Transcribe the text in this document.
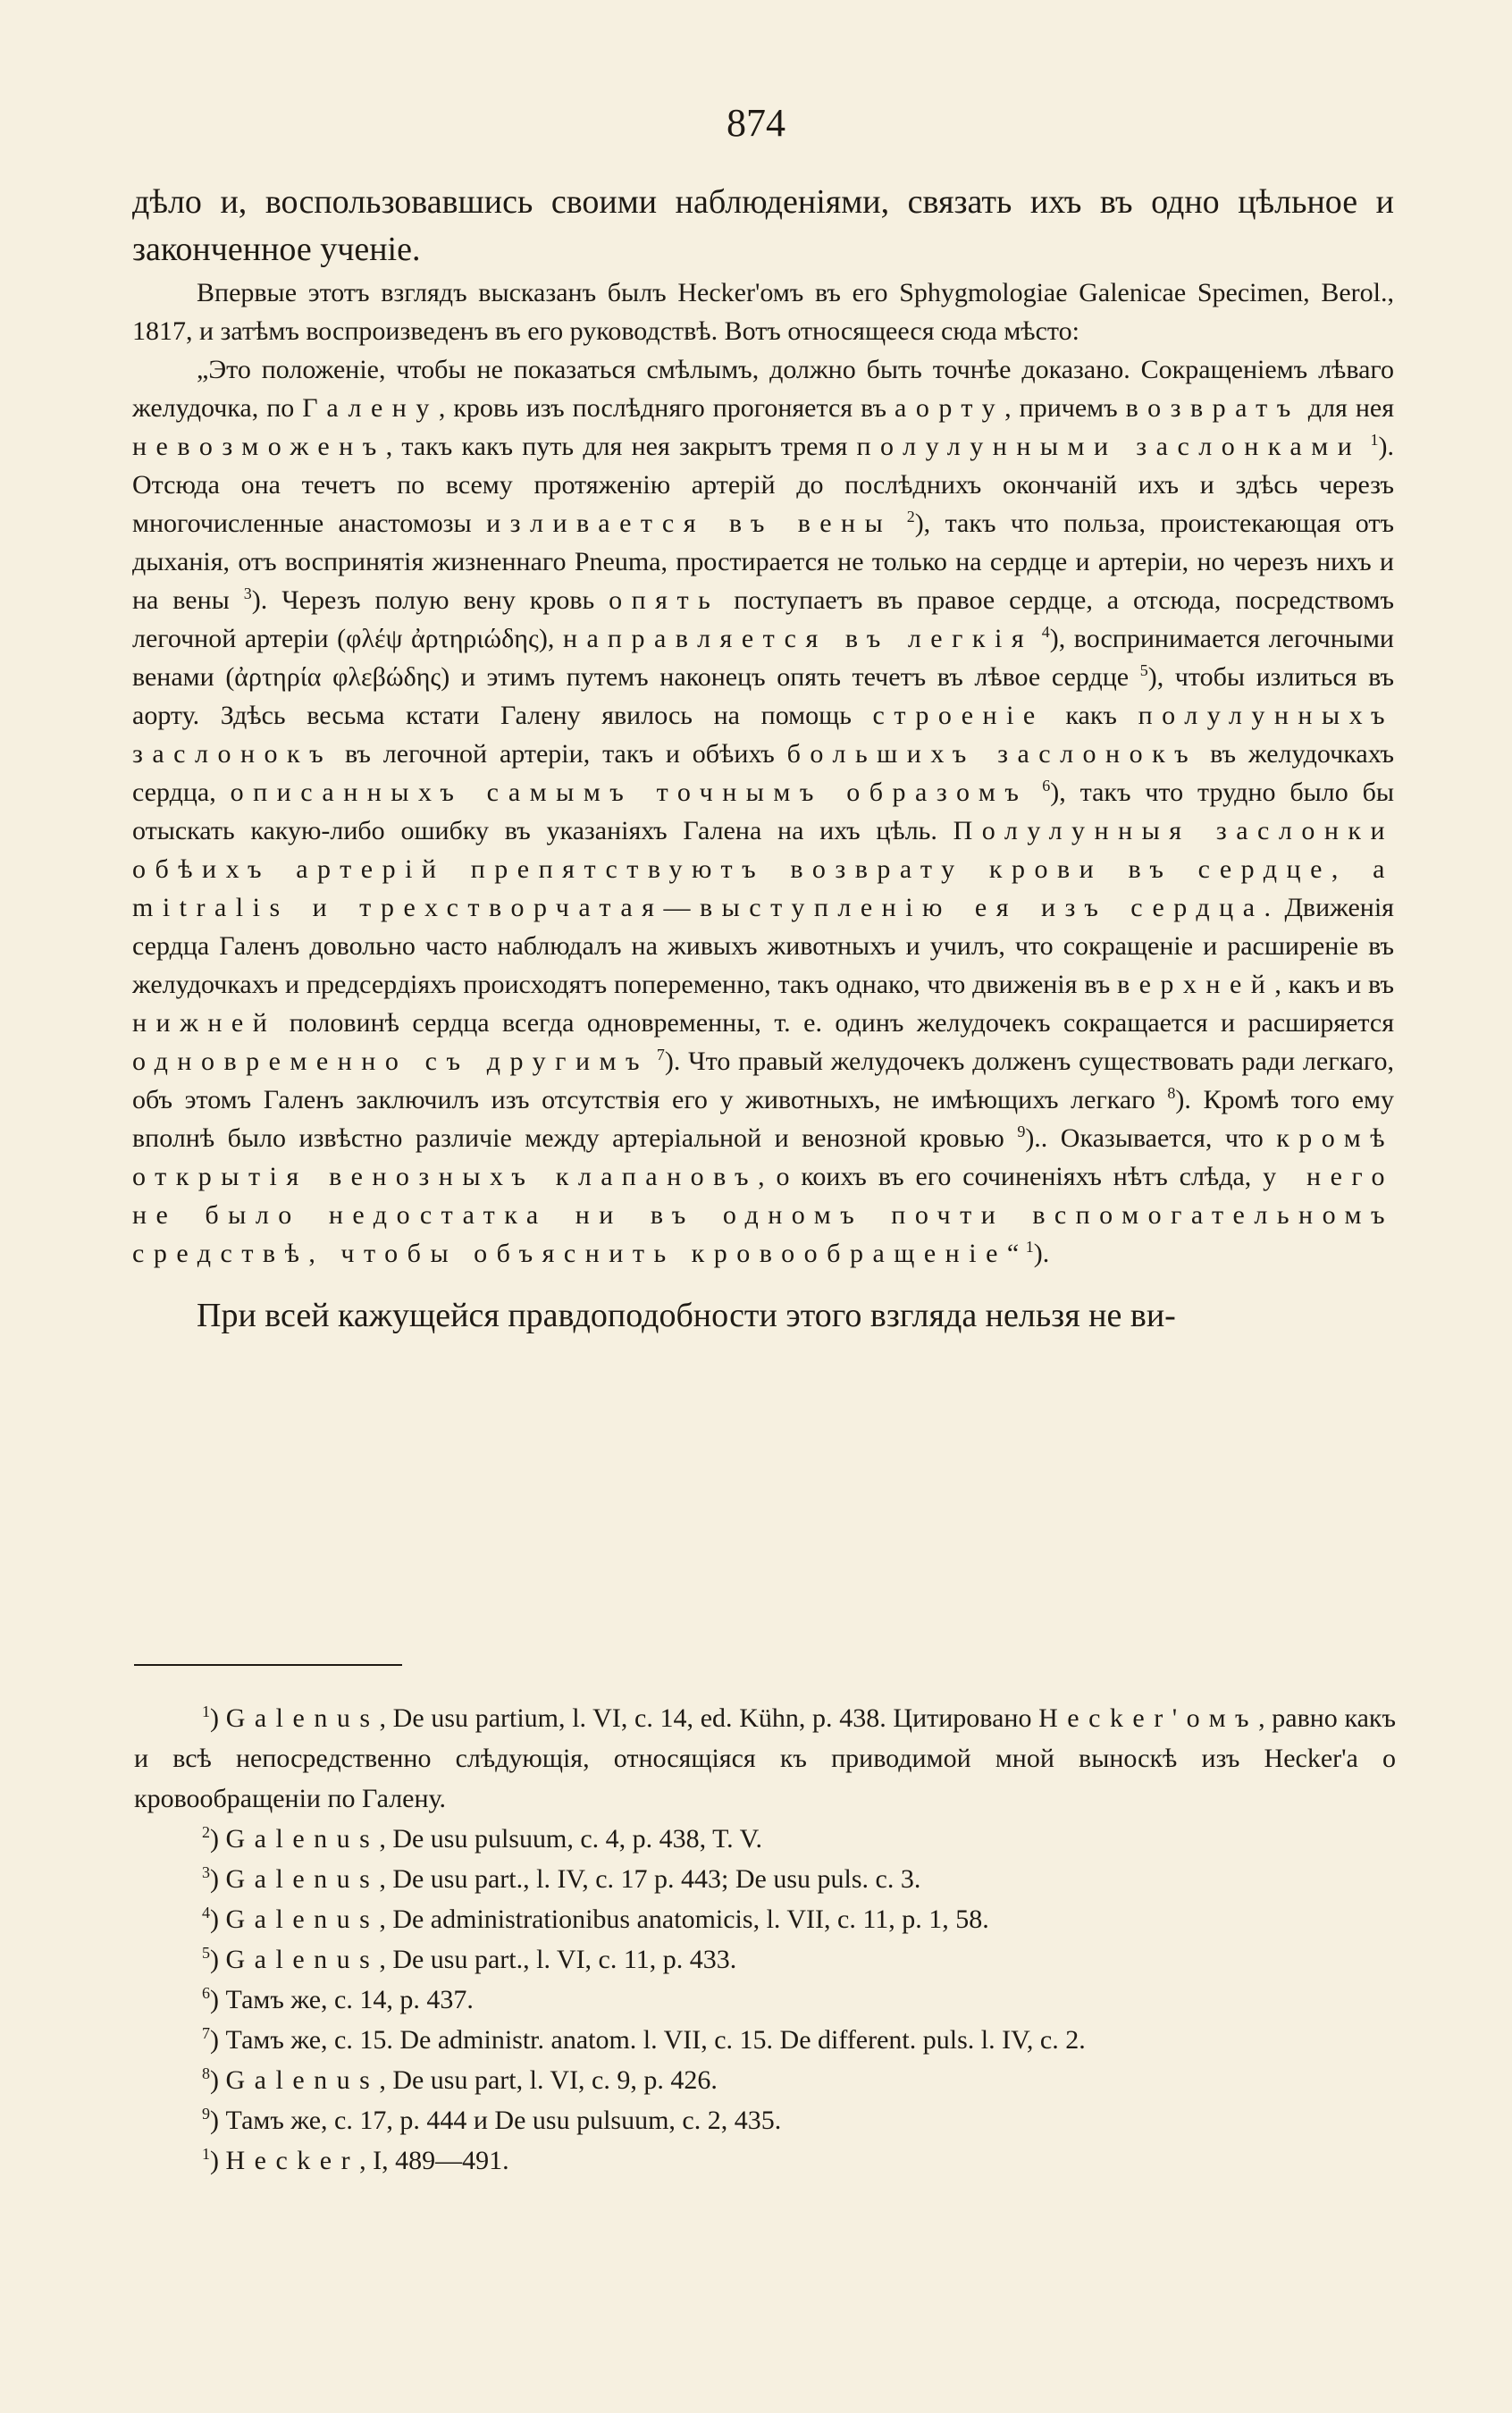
874

дѣло и, воспользовавшись своими наблюденіями, связать ихъ въ одно цѣльное и законченное ученіе.

Впервые этотъ взглядъ высказанъ былъ Hecker'омъ въ его Sphygmologiae Galenicae Specimen, Berol., 1817, и затѣмъ воспроизведенъ въ его руководствѣ. Вотъ относящееся сюда мѣсто:

„Это положеніе, чтобы не показаться смѣлымъ, должно быть точнѣе доказано. Сокращеніемъ лѣваго желудочка, по Галену, кровь изъ послѣдняго прогоняется въ аорту, причемъ возвратъ для нея невозможенъ, такъ какъ путь для нея закрытъ тремя полулунными заслонками $^1$). Отсюда она течетъ по всему протяженію артерій до послѣднихъ окончаній ихъ и здѣсь черезъ многочисленные анастомозы изливается въ вены $^2$), такъ что польза, проистекающая отъ дыханія, отъ воспринятія жизненнаго Pneuma, простирается не только на сердце и артеріи, но черезъ нихъ и на вены $^3$). Черезъ полую вену кровь опять поступаетъ въ правое сердце, а отсюда, посредствомъ легочной артеріи (φλέψ ἀρτηριώδης), направляется въ легкія $^4$), воспринимается легочными венами (ἀρτηρία φλεβώδης) и этимъ путемъ наконецъ опять течетъ въ лѣвое сердце $^5$), чтобы излиться въ аорту. Здѣсь весьма кстати Галену явилось на помощь строеніе какъ полулунныхъ заслонокъ въ легочной артеріи, такъ и обѣихъ большихъ заслонокъ въ желудочкахъ сердца, описанныхъ самымъ точнымъ образомъ $^6$), такъ что трудно было бы отыскать какую-либо ошибку въ указаніяхъ Галена на ихъ цѣль. Полулунныя заслонки обѣихъ артерій препятствуютъ возврату крови въ сердце, а mitralis и трехстворчатая—выступленію ея изъ сердца. Движенія сердца Галенъ довольно часто наблюдалъ на живыхъ животныхъ и училъ, что сокращеніе и расширеніе въ желудочкахъ и предсердіяхъ происходятъ попеременно, такъ однако, что движенія въ верхней, какъ и въ нижней половинѣ сердца всегда одновременны, т. е. одинъ желудочекъ сокращается и расширяется одновременно съ другимъ $^7$). Что правый желудочекъ долженъ существовать ради легкаго, объ этомъ Галенъ заключилъ изъ отсутствія его у животныхъ, не имѣющихъ легкаго $^8$). Кромѣ того ему вполнѣ было извѣстно различіе между артеріальной и венозной кровью $^9$).. Оказывается, что кромѣ открытія венозныхъ клапановъ, о коихъ въ его сочиненіяхъ нѣтъ слѣда, у него не было недостатка ни въ одномъ почти вспомогательномъ средствѣ, чтобы объяснить кровообращеніе“ $^1$).

При всей кажущейся правдоподобности этого взгляда нельзя не ви-

$^1$) Galenus, De usu partium, l. VI, c. 14, ed. Kühn, p. 438. Цитировано Hecker'омъ, равно какъ и всѣ непосредственно слѣдующія, относящіяся къ приводимой мной выноскѣ изъ Hecker'а о кровообращеніи по Галену.

$^2$) Galenus, De usu pulsuum, c. 4, p. 438, T. V.

$^3$) Galenus, De usu part., l. IV, c. 17 p. 443; De usu puls. c. 3.

$^4$) Galenus, De administrationibus anatomicis, l. VII, c. 11, p. 1, 58.

$^5$) Galenus, De usu part., l. VI, c. 11, p. 433.

$^6$) Тамъ же, с. 14, p. 437.

$^7$) Тамъ же, с. 15. De administr. anatom. l. VII, c. 15. De different. puls. l. IV, c. 2.

$^8$) Galenus, De usu part, l. VI, c. 9, p. 426.

$^9$) Тамъ же, с. 17, p. 444 и De usu pulsuum, c. 2, 435.

$^1$) Hecker, I, 489—491.
